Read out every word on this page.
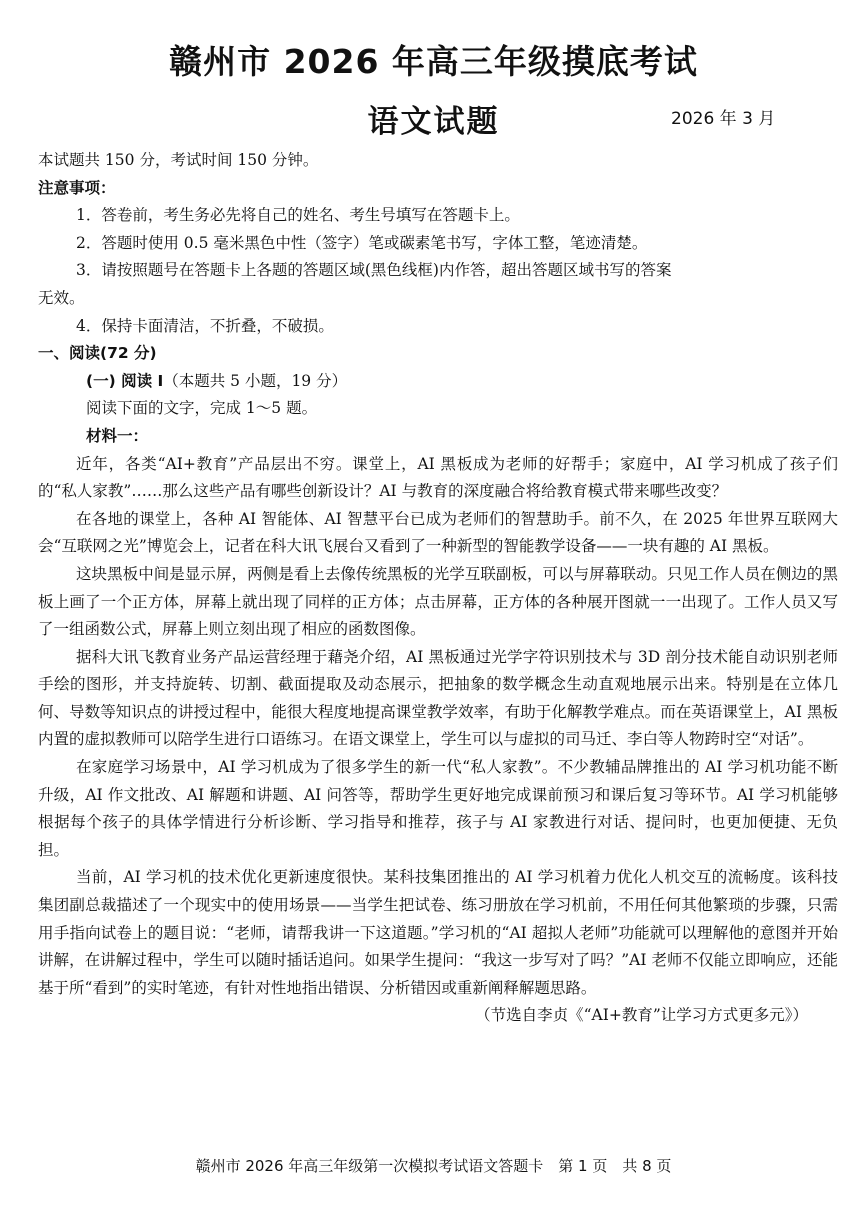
赣州市 2026 年高三年级摸底考试
语文试题	2026 年 3 月
本试题共 150 分，考试时间 150 分钟。
注意事项：
1．答卷前，考生务必先将自己的姓名、考生号填写在答题卡上。
2．答题时使用 0.5 毫米黑色中性（签字）笔或碳素笔书写，字体工整，笔迹清楚。
3．请按照题号在答题卡上各题的答题区域(黑色线框)内作答，超出答题区域书写的答案
无效。
4．保持卡面清洁，不折叠，不破损。
一、阅读(72 分)
(一) 阅读 I（本题共 5 小题，19 分）
阅读下面的文字，完成 1～5 题。
材料一：

近年，各类“AI+教育”产品层出不穷。课堂上，AI 黑板成为老师的好帮手；家庭中，AI 学习机成了孩子们的“私人家教”……那么这些产品有哪些创新设计？AI 与教育的深度融合将给教育模式带来哪些改变？

在各地的课堂上，各种 AI 智能体、AI 智慧平台已成为老师们的智慧助手。前不久，在 2025 年世界互联网大会“互联网之光”博览会上，记者在科大讯飞展台又看到了一种新型的智能教学设备——一块有趣的 AI 黑板。

这块黑板中间是显示屏，两侧是看上去像传统黑板的光学互联副板，可以与屏幕联动。只见工作人员在侧边的黑板上画了一个正方体，屏幕上就出现了同样的正方体；点击屏幕，正方体的各种展开图就一一出现了。工作人员又写了一组函数公式，屏幕上则立刻出现了相应的函数图像。

据科大讯飞教育业务产品运营经理于藉尧介绍，AI 黑板通过光学字符识别技术与 3D 剖分技术能自动识别老师手绘的图形，并支持旋转、切割、截面提取及动态展示，把抽象的数学概念生动直观地展示出来。特别是在立体几何、导数等知识点的讲授过程中，能很大程度地提高课堂教学效率，有助于化解教学难点。而在英语课堂上，AI 黑板内置的虚拟教师可以陪学生进行口语练习。在语文课堂上，学生可以与虚拟的司马迁、李白等人物跨时空“对话”。

在家庭学习场景中，AI 学习机成为了很多学生的新一代“私人家教”。不少教辅品牌推出的 AI 学习机功能不断升级，AI 作文批改、AI 解题和讲题、AI 问答等，帮助学生更好地完成课前预习和课后复习等环节。AI 学习机能够根据每个孩子的具体学情进行分析诊断、学习指导和推荐，孩子与 AI 家教进行对话、提问时，也更加便捷、无负担。

当前，AI 学习机的技术优化更新速度很快。某科技集团推出的 AI 学习机着力优化人机交互的流畅度。该科技集团副总裁描述了一个现实中的使用场景——当学生把试卷、练习册放在学习机前，不用任何其他繁琐的步骤，只需用手指向试卷上的题目说：“老师，请帮我讲一下这道题。”学习机的“AI 超拟人老师”功能就可以理解他的意图并开始讲解，在讲解过程中，学生可以随时插话追问。如果学生提问：“我这一步写对了吗？”AI 老师不仅能立即响应，还能基于所“看到”的实时笔迹，有针对性地指出错误、分析错因或重新阐释解题思路。

（节选自李贞《“AI+教育”让学习方式更多元》）
赣州市 2026 年高三年级第一次模拟考试语文答题卡　第 1 页　共 8 页
